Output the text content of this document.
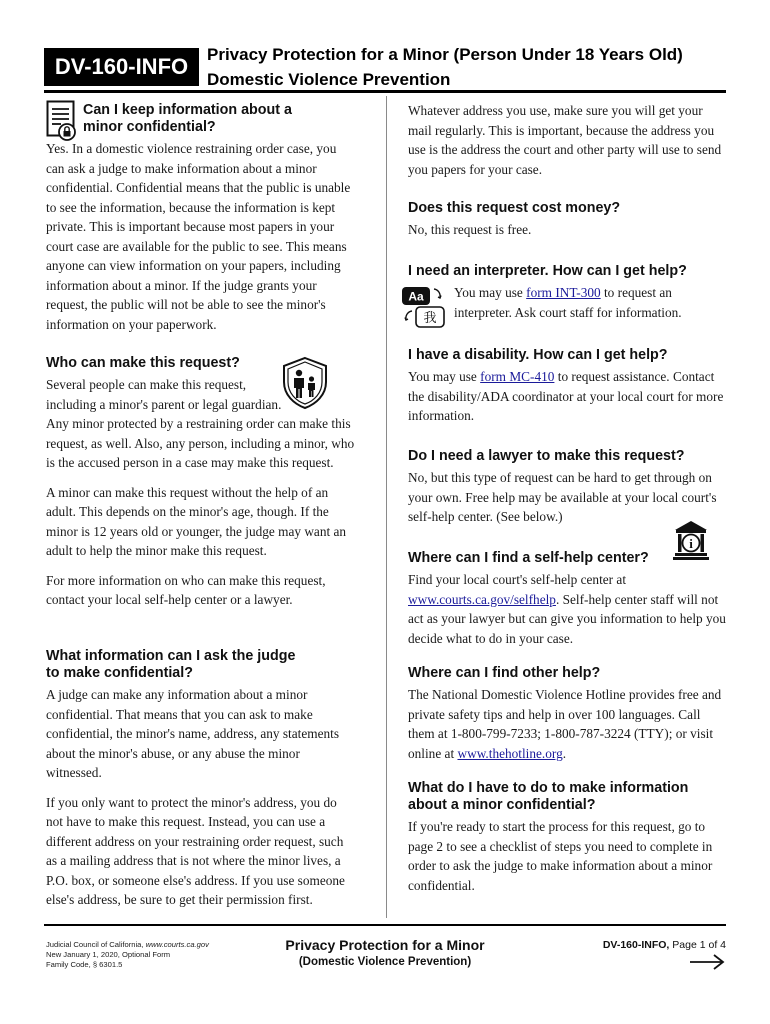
DV-160-INFO	Privacy Protection for a Minor (Person Under 18 Years Old)
Domestic Violence Prevention
Can I keep information about a
minor confidential?

Yes. In a domestic violence restraining order case, you can ask a judge to make information about a minor confidential. Confidential means that the public is unable to see the information, because the information is kept private. This is important because most papers in your court case are available for the public to see. This means anyone can view information on your papers, including information about a minor. If the judge grants your request, the public will not be able to see the minor's information on your paperwork.

Who can make this request?

Several people can make this request,
including a minor's parent or legal guardian.
Any minor protected by a restraining order can make this request, as well. Also, any person, including a minor, who is the accused person in a case may make this request.

A minor can make this request without the help of an adult. This depends on the minor's age, though. If the minor is 12 years old or younger, the judge may want an adult to help the minor make this request.

For more information on who can make this request, contact your local self-help center or a lawyer.

What information can I ask the judge
to make confidential?

A judge can make any information about a minor confidential. That means that you can ask to make confidential, the minor's name, address, any statements about the minor's abuse, or any abuse the minor witnessed.

If you only want to protect the minor's address, you do not have to make this request. Instead, you can use a different address on your restraining order request, such as a mailing address that is not where the minor lives, a P.O. box, or someone else's address. If you use someone else's address, be sure to get their permission first.

Whatever address you use, make sure you will get your mail regularly. This is important, because the address you use is the address the court and other party will use to send you papers for your case.

Does this request cost money?

No, this request is free.

I need an interpreter. How can I get help?

You may use form INT-300 to request an interpreter. Ask court staff for information.

Aa
我
I have a disability. How can I get help?

You may use form MC-410 to request assistance. Contact the disability/ADA coordinator at your local court for more information.

Do I need a lawyer to make this request?

No, but this type of request can be hard to get through on your own. Free help may be available at your local court's self-help center. (See below.)

Where can I find a self-help center?

Find your local court's self-help center at www.courts.ca.gov/selfhelp. Self-help center staff will not act as your lawyer but can give you information to help you decide what to do in your case.

i
Where can I find other help?

The National Domestic Violence Hotline provides free and private safety tips and help in over 100 languages. Call them at 1-800-799-7233; 1-800-787-3224 (TTY); or visit online at www.thehotline.org.

What do I have to do to make information
about a minor confidential?

If you're ready to start the process for this request, go to page 2 to see a checklist of steps you need to complete in order to ask the judge to make information about a minor confidential.

Judicial Council of California, www.courts.ca.gov
New January 1, 2020, Optional Form
Family Code, § 6301.5
Privacy Protection for a Minor
(Domestic Violence Prevention)
DV-160-INFO, Page 1 of 4
